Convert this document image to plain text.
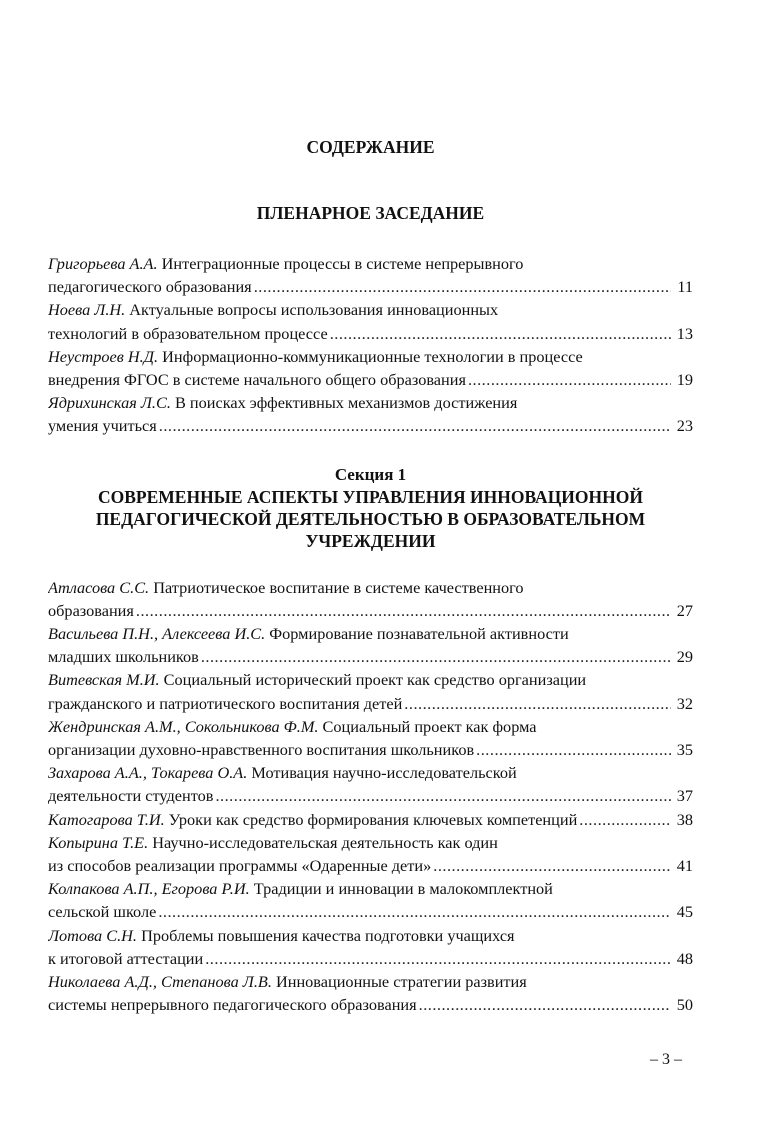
СОДЕРЖАНИЕ
ПЛЕНАРНОЕ ЗАСЕДАНИЕ
Григорьева А.А. Интеграционные процессы в системе непрерывного
педагогического образования .....	11
Ноева Л.Н. Актуальные вопросы использования инновационных
технологий в образовательном процессе .....	13
Неустроев Н.Д. Информационно-коммуникационные технологии в процессе
внедрения ФГОС в системе начального общего образования .....	19
Ядрихинская Л.С. В поисках эффективных механизмов достижения
умения учиться .....	23
Секция 1
СОВРЕМЕННЫЕ АСПЕКТЫ УПРАВЛЕНИЯ ИННОВАЦИОННОЙ
ПЕДАГОГИЧЕСКОЙ ДЕЯТЕЛЬНОСТЬЮ В ОБРАЗОВАТЕЛЬНОМ
УЧРЕЖДЕНИИ
Атласова С.С. Патриотическое воспитание в системе качественного
образования .....	27
Васильева П.Н., Алексеева И.С. Формирование познавательной активности
младших школьников .....	29
Витевская М.И. Социальный исторический проект как средство организации
гражданского и патриотического воспитания детей .....	32
Жендринская А.М., Сокольникова Ф.М. Социальный проект как форма
организации духовно-нравственного воспитания школьников .....	35
Захарова А.А., Токарева О.А. Мотивация научно-исследовательской
деятельности студентов .....	37
Катогарова Т.И. Уроки как средство формирования ключевых компетенций .....	38
Копырина Т.Е. Научно-исследовательская деятельность как один
из способов реализации программы «Одаренные дети» .....	41
Колпакова А.П., Егорова Р.И. Традиции и инновации в малокомплектной
сельской школе .....	45
Лотова С.Н. Проблемы повышения качества подготовки учащихся
к итоговой аттестации .....	48
Николаева А.Д., Степанова Л.В. Инновационные стратегии развития
системы непрерывного педагогического образования .....	50
– 3 –
